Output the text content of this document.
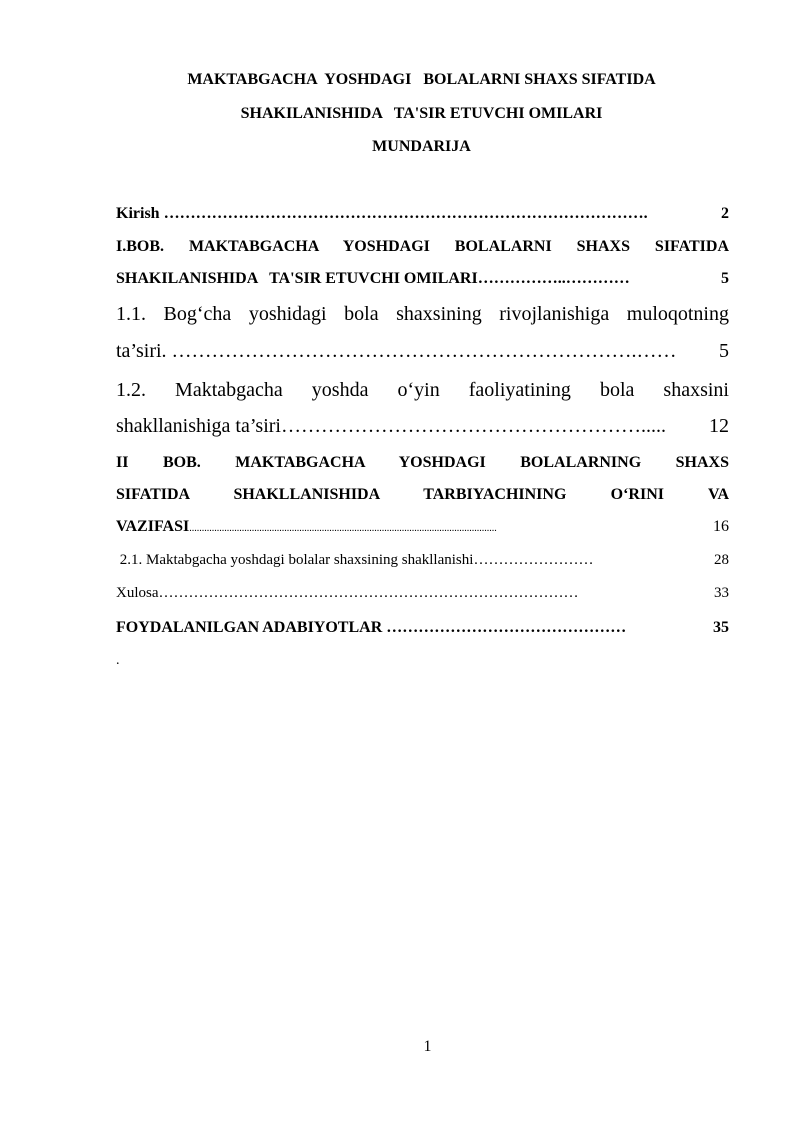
MAKTABGACHA  YOSHDAGI   BOLALARNI SHAXS SIFATIDA
SHAKILANISHIDA   TA'SIR ETUVCHI OMILARI
MUNDARIJA
Kirish ……………………………………………………………………………….	2
I.BOB. MAKTABGACHA YOSHDAGI BOLALARNI SHAXS SIFATIDA
SHAKILANISHIDA   TA'SIR ETUVCHI OMILARI ……………..…………	5
1.1. Bog‘cha yoshidagi bola shaxsining rivojlanishiga muloqotning
ta’siri. …………………………………………………………….……	5
1.2. Maktabgacha yoshda o‘yin faoliyatining bola shaxsini
shakllanishiga ta’siri ……………………………………………….....	12
II BOB. MAKTABGACHA YOSHDAGI BOLALARNING SHAXS
SIFATIDA SHAKLLANISHIDA TARBIYACHINING O‘RINI VA
VAZIFASI ...........................................................................................................................	16
2.1. Maktabgacha yoshdagi bolalar shaxsining shakllanishi ……………………	28
Xulosa …………………………………………………………………………	33
FOYDALANILGAN ADABIYOTLAR ………………………………………	35
.
1
